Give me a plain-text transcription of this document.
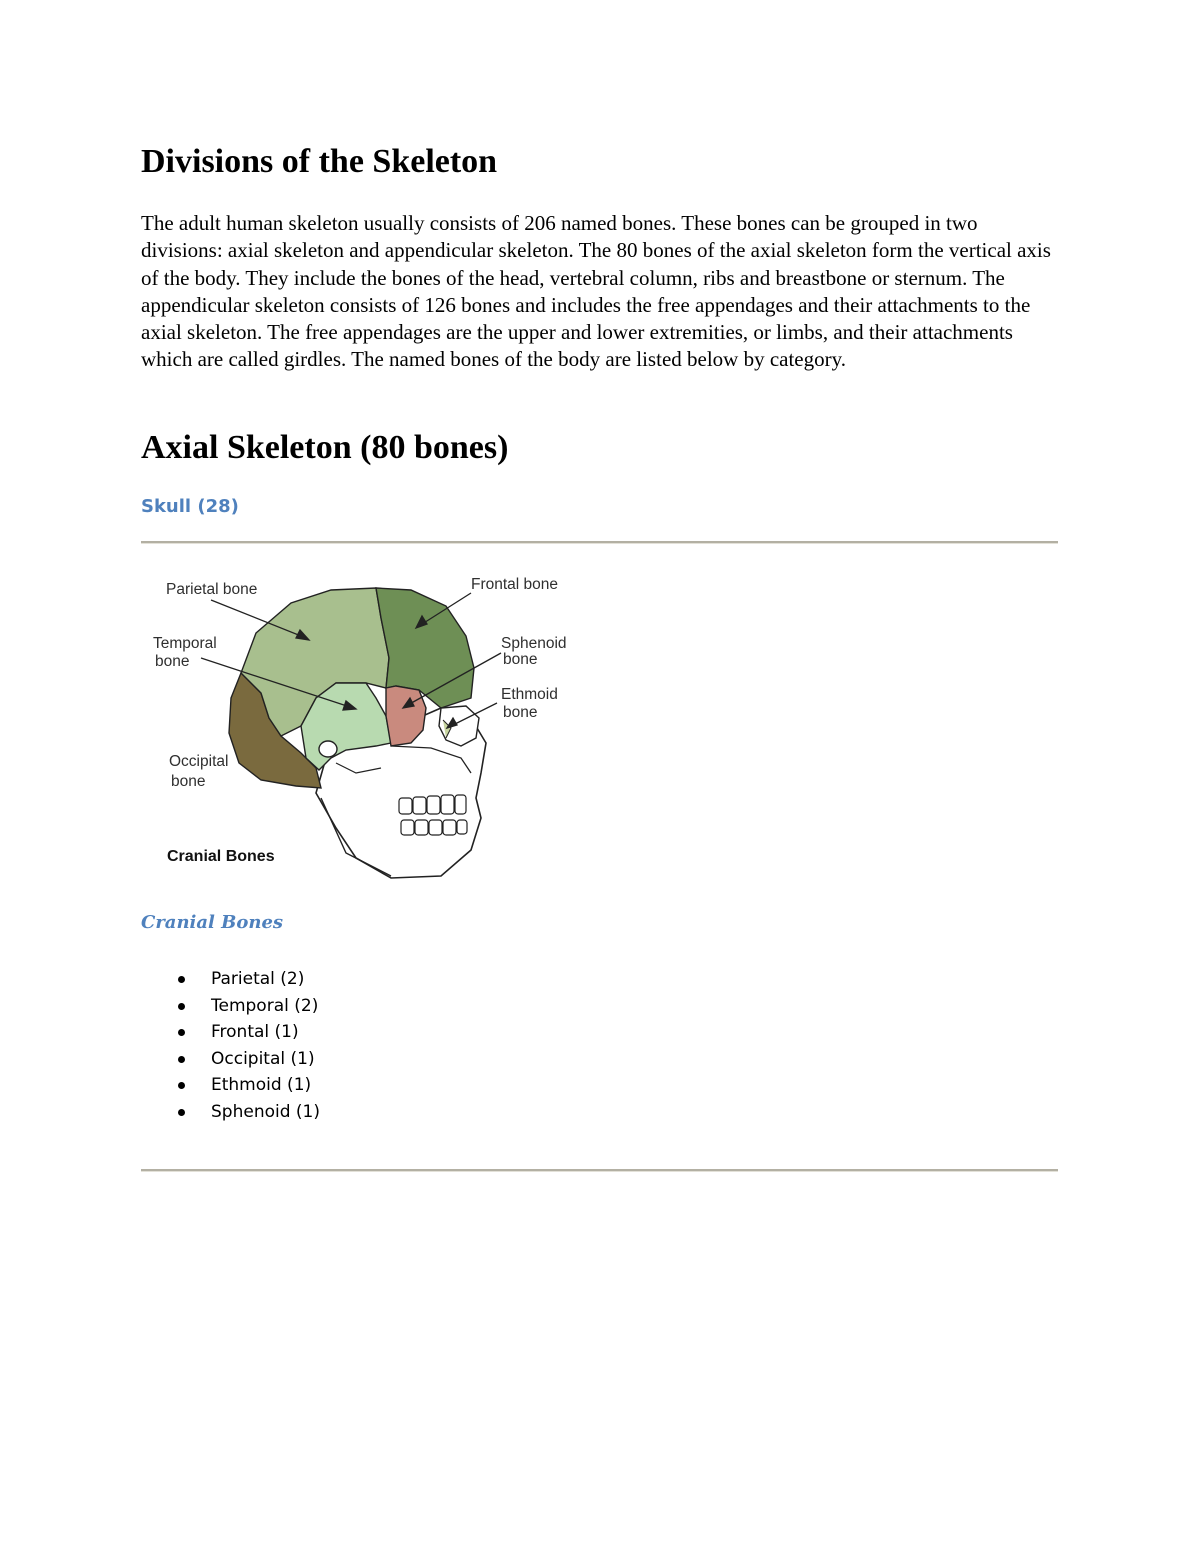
Divisions of the Skeleton

The adult human skeleton usually consists of 206 named bones. These bones can be grouped in two divisions: axial skeleton and appendicular skeleton. The 80 bones of the axial skeleton form the vertical axis of the body. They include the bones of the head, vertebral column, ribs and breastbone or sternum. The appendicular skeleton consists of 126 bones and includes the free appendages and their attachments to the axial skeleton. The free appendages are the upper and lower extremities, or limbs, and their attachments which are called girdles. The named bones of the body are listed below by category.

Axial Skeleton (80 bones)
Skull (28)
Parietal bone	Frontal bone
Temporal
bone
Sphenoid
bone
Ethmoid
bone
Occipital
bone
Cranial Bones
Cranial Bones
Parietal (2)
Temporal (2)
Frontal (1)
Occipital (1)
Ethmoid (1)
Sphenoid (1)
